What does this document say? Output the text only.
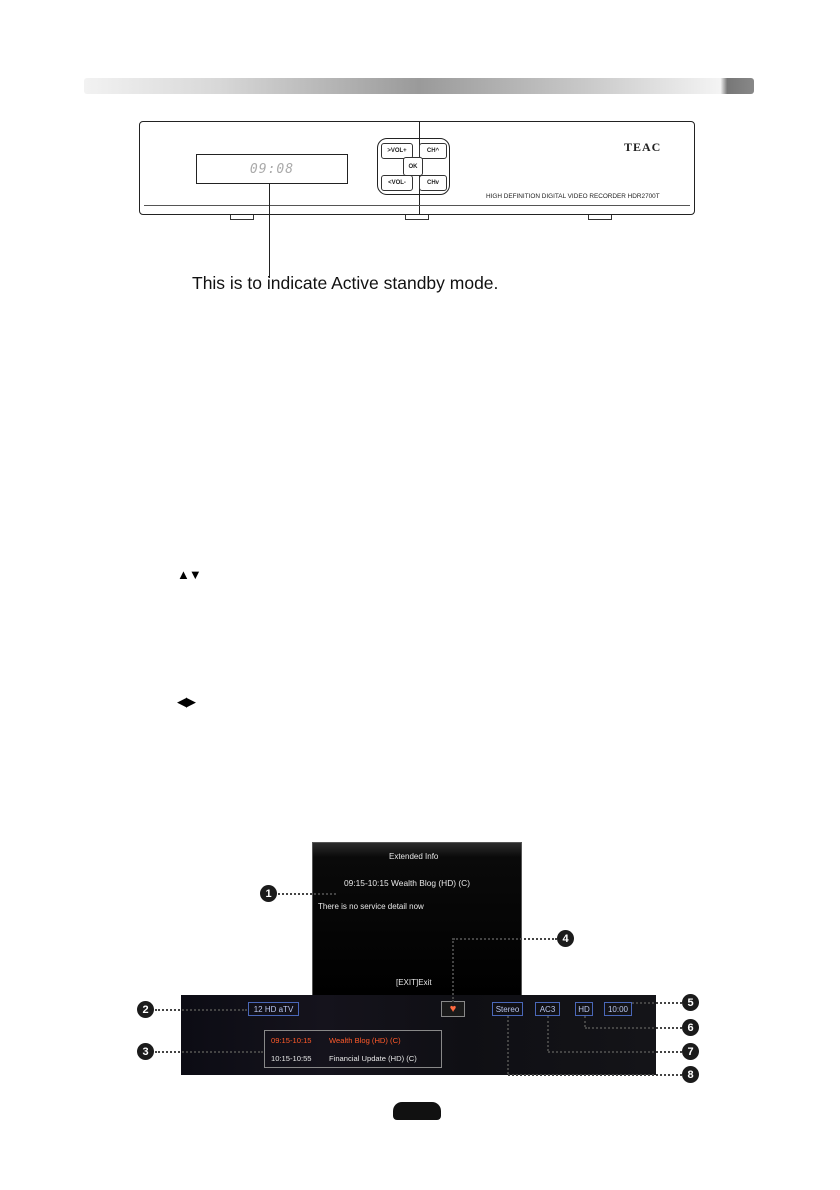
09:08
>VOL+	CH^
OK
<VOL-	CHv
TEAC
HIGH DEFINITION DIGITAL VIDEO RECORDER HDR2700T
This is to indicate Active standby mode.
▲▼
◀▶
Extended Info
09:15-10:15 Wealth Blog (HD) (C)
There is no service detail now
[EXIT]Exit
12 HD aTV	♥	Stereo	AC3	HD	10:00
09:15-10:15 Wealth Blog (HD) (C)
10:15-10:55 Financial Update (HD) (C)
1
2
3
4
5
6
7
8
